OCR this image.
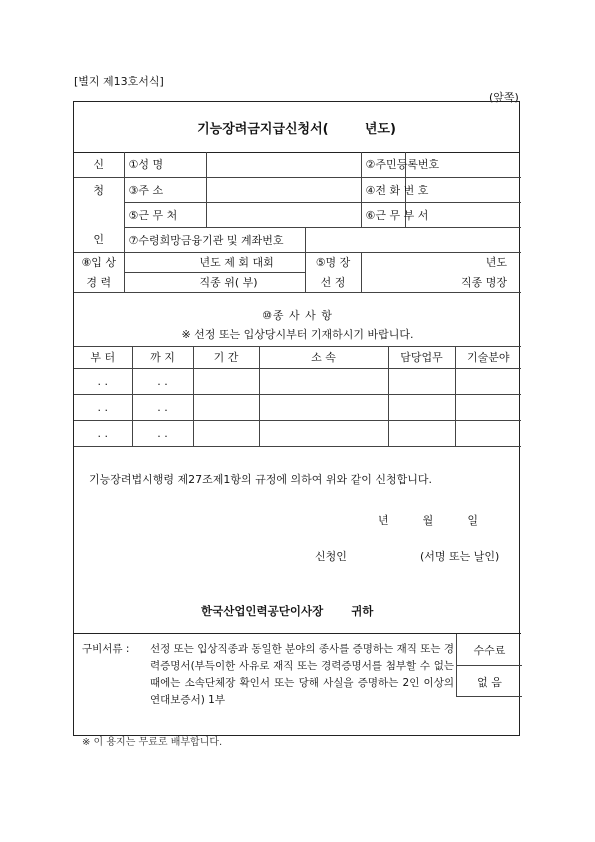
[별지 제13호서식]
(앞쪽)
기능장려금지급신청서(        년도)
신	①성 명			②주민등록번호	
청	③주 소			④전 화 번 호	
	⑤근 무 처			⑥근 무 부 서	
인	⑦수령희망금융기관 및 계좌번호				
⑧입 상	년도 제 회 대회		⑤명 장	년도	
경 력	직종 위( 부)		선 정	직종 명장	
⑩종 사 사 항
※ 선정 또는 입상당시부터 기재하시기 바랍니다.
부 터	까 지	기 간	소 속	담당업무	기술분야
. .	. .				
. .	. .				
. .	. .				
기능장려법시행령 제27조제1항의 규정에 의하여 위와 같이 신청합니다.
년	월	일
신청인	(서명 또는 날인)
한국산업인력공단이사장 귀하
구비서류 : 선정 또는 입상직종과 동일한 분야의 종사를 증명하는 재직 또는 경력증명서(부득이한 사유로 재직 또는 경력증명서를 첨부할 수 없는 때에는 소속단체장 확인서 또는 당해 사실을 증명하는 2인 이상의 연대보증서) 1부
수수료
없 음
※ 이 용지는 무료로 배부합니다.
